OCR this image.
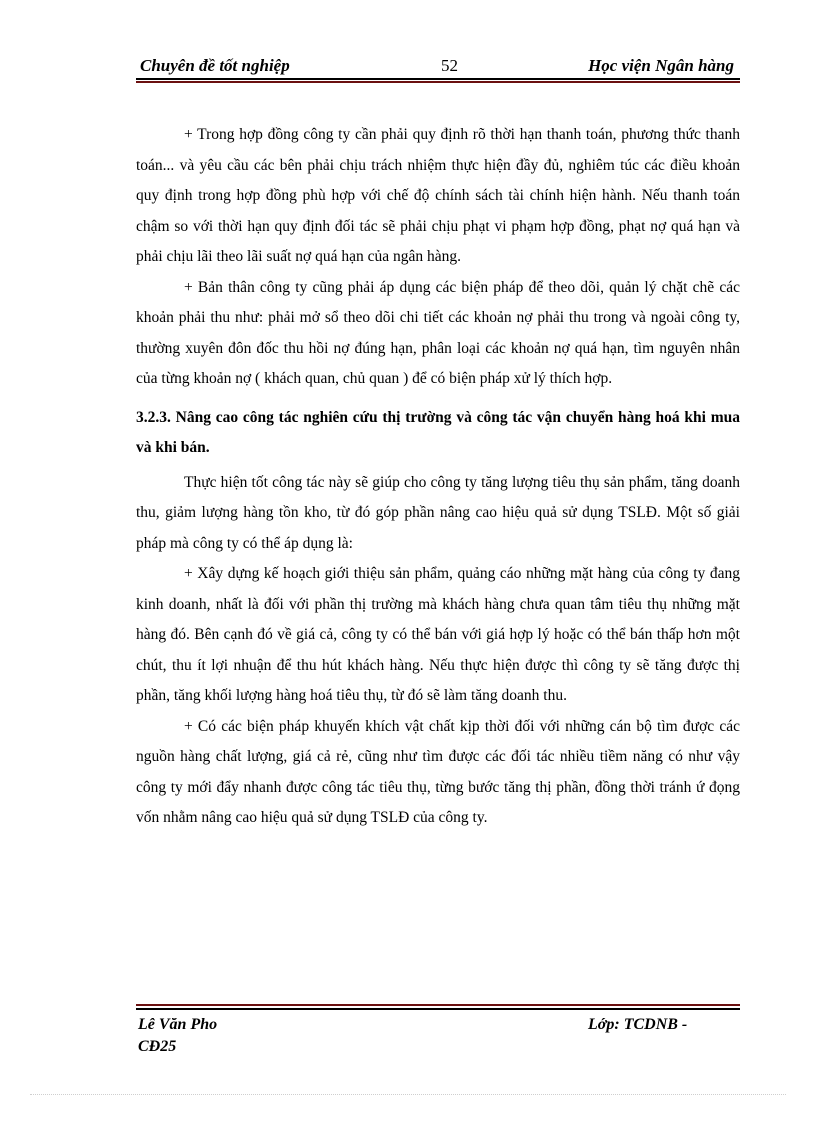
Chuyên đề tốt nghiệp	52	Học viện Ngân hàng

+ Trong hợp đồng công ty cần phải quy định rõ thời hạn thanh toán, phương thức thanh toán... và yêu cầu các bên phải chịu trách nhiệm thực hiện đầy đủ, nghiêm túc các điều khoản quy định trong hợp đồng phù hợp với chế độ chính sách tài chính hiện hành. Nếu thanh toán chậm so với thời hạn quy định đối tác sẽ phải chịu phạt vi phạm hợp đồng, phạt nợ quá hạn và phải chịu lãi theo lãi suất nợ quá hạn của ngân hàng.

+ Bản thân công ty cũng phải áp dụng các biện pháp để theo dõi, quản lý chặt chẽ các khoản phải thu như: phải mở sổ theo dõi chi tiết các khoản nợ phải thu trong và ngoài công ty, thường xuyên đôn đốc thu hồi nợ đúng hạn, phân loại các khoản nợ quá hạn, tìm nguyên nhân của từng khoản nợ ( khách quan, chủ quan ) để có biện pháp xử lý thích hợp.

3.2.3. Nâng cao công tác nghiên cứu thị trường và công tác vận chuyển hàng hoá khi mua và khi bán.

Thực hiện tốt công tác này sẽ giúp cho công ty tăng lượng tiêu thụ sản phẩm, tăng doanh thu, giảm lượng hàng tồn kho, từ đó góp phần nâng cao hiệu quả sử dụng TSLĐ. Một số giải pháp mà công ty có thể áp dụng là:

+ Xây dựng kế hoạch giới thiệu sản phẩm, quảng cáo những mặt hàng của công ty đang kinh doanh, nhất là đối với phần thị trường mà khách hàng chưa quan tâm tiêu thụ những mặt hàng đó. Bên cạnh đó về giá cả, công ty có thể bán với giá hợp lý hoặc có thể bán thấp hơn một chút, thu ít lợi nhuận để thu hút khách hàng. Nếu thực hiện được thì công ty sẽ tăng được thị phần, tăng khối lượng hàng hoá tiêu thụ, từ đó sẽ làm tăng doanh thu.

+ Có các biện pháp khuyến khích vật chất kịp thời đối với những cán bộ tìm được các nguồn hàng chất lượng, giá cả rẻ, cũng như tìm được các đối tác nhiều tiềm năng có như vậy công ty mới đẩy nhanh được công tác tiêu thụ, từng bước tăng thị phần, đồng thời tránh ứ đọng vốn nhằm nâng cao hiệu quả sử dụng TSLĐ của công ty.

Lê Văn Pho
CĐ25
Lớp: TCDNB -
